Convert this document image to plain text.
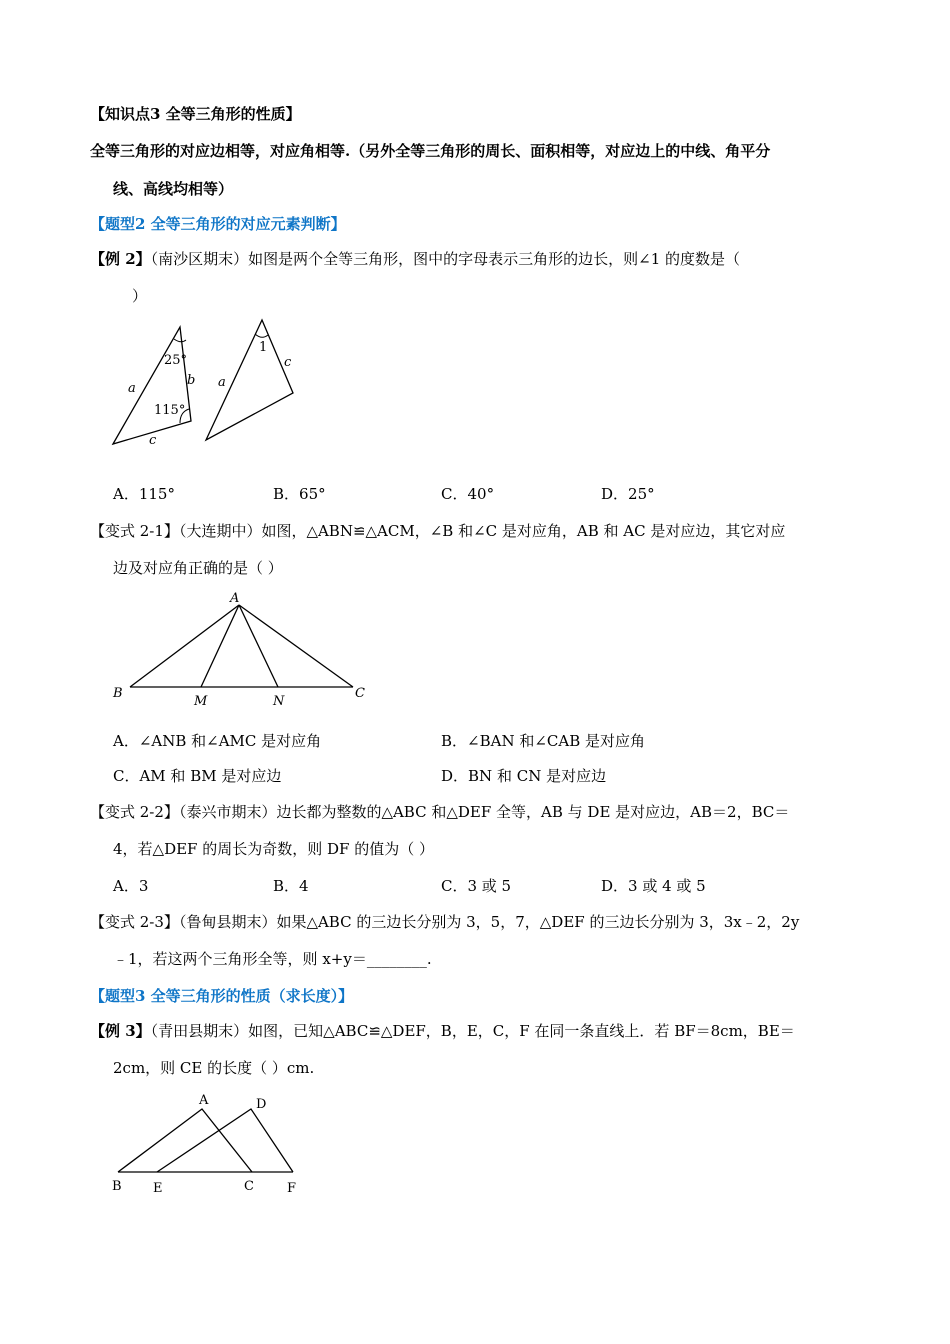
【知识点3 全等三角形的性质】
全等三角形的对应边相等，对应角相等.（另外全等三角形的周长、面积相等，对应边上的中线、角平分
线、高线均相等）
【题型2 全等三角形的对应元素判断】
【例 2】（南沙区期末）如图是两个全等三角形，图中的字母表示三角形的边长，则∠1 的度数是（
）
a
b
c
25°
115°
a
c
1
A．115°	B．65°	C．40°	D．25°
【变式 2-1】（大连期中）如图，△ABN≌△ACM，∠B 和∠C 是对应角，AB 和 AC 是对应边，其它对应
边及对应角正确的是（ ）
A
B	C
M	N
A．∠ANB 和∠AMC 是对应角	B．∠BAN 和∠CAB 是对应角
C．AM 和 BM 是对应边	D．BN 和 CN 是对应边
【变式 2-2】（泰兴市期末）边长都为整数的△ABC 和△DEF 全等，AB 与 DE 是对应边，AB＝2，BC＝
4，若△DEF 的周长为奇数，则 DF 的值为（ ）
A．3	B．4	C．3 或 5	D．3 或 4 或 5
【变式 2-3】（鲁甸县期末）如果△ABC 的三边长分别为 3，5，7，△DEF 的三边长分别为 3，3x﹣2，2y
﹣1，若这两个三角形全等，则 x+y＝________.
【题型3 全等三角形的性质（求长度）】
【例 3】（青田县期末）如图，已知△ABC≌△DEF，B，E，C，F 在同一条直线上．若 BF＝8cm，BE＝
2cm，则 CE 的长度（ ）cm.
A	D
B E	C	F
